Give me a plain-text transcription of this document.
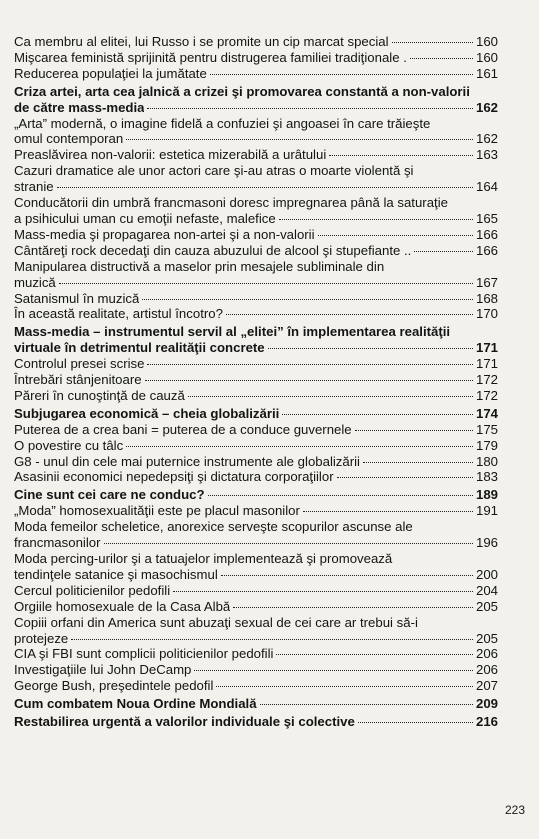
Ca membru al elitei, lui Russo i se promite un cip marcat special	160
Mişcarea feministă sprijinită pentru distrugerea familiei tradiţionale .	160
Reducerea populaţiei la jumătate	161
Criza artei, arta cea jalnică a crizei şi promovarea constantă a non-valorii
de către mass-media	162
„Arta” modernă, o imagine fidelă a confuziei şi angoasei în care trăieşte
omul contemporan	162
Preaslăvirea non-valorii: estetica mizerabilă a urâtului	163
Cazuri dramatice ale unor actori care şi-au atras o moarte violentă şi
stranie	164
Conducătorii din umbră francmasoni doresc impregnarea până la saturaţie
a psihicului uman cu emoţii nefaste, malefice	165
Mass-media şi propagarea non-artei şi a non-valorii	166
Cântăreţi rock decedaţi din cauza abuzului de alcool şi stupefiante ..	166
Manipularea distructivă a maselor prin mesajele subliminale din
muzică	167
Satanismul în muzică	168
În această realitate, artistul încotro?	170
Mass-media – instrumentul servil al „elitei” în implementarea realităţii
virtuale în detrimentul realităţii concrete	171
Controlul presei scrise	171
Întrebări stânjenitoare	172
Păreri în cunoştinţă de cauză	172
Subjugarea economică – cheia globalizării	174
Puterea de a crea bani = puterea de a conduce guvernele	175
O povestire cu tâlc	179
G8 - unul din cele mai puternice instrumente ale globalizării	180
Asasinii economici nepedepsiţi şi dictatura corporaţiilor	183
Cine sunt cei care ne conduc?	189
„Moda” homosexualităţii este pe placul masonilor	191
Moda femeilor scheletice, anorexice serveşte scopurilor ascunse ale
francmasonilor	196
Moda percing-urilor şi a tatuajelor implementează şi promovează
tendinţele satanice şi masochismul	200
Cercul politicienilor pedofili	204
Orgiile homosexuale de la Casa Albă	205
Copiii orfani din America sunt abuzaţi sexual de cei care ar trebui să-i
protejeze	205
CIA şi FBI sunt complicii politicienilor pedofili	206
Investigaţiile lui John DeCamp	206
George Bush, preşedintele pedofil	207
Cum combatem Noua Ordine Mondială	209
Restabilirea urgentă a valorilor individuale şi colective	216
223
